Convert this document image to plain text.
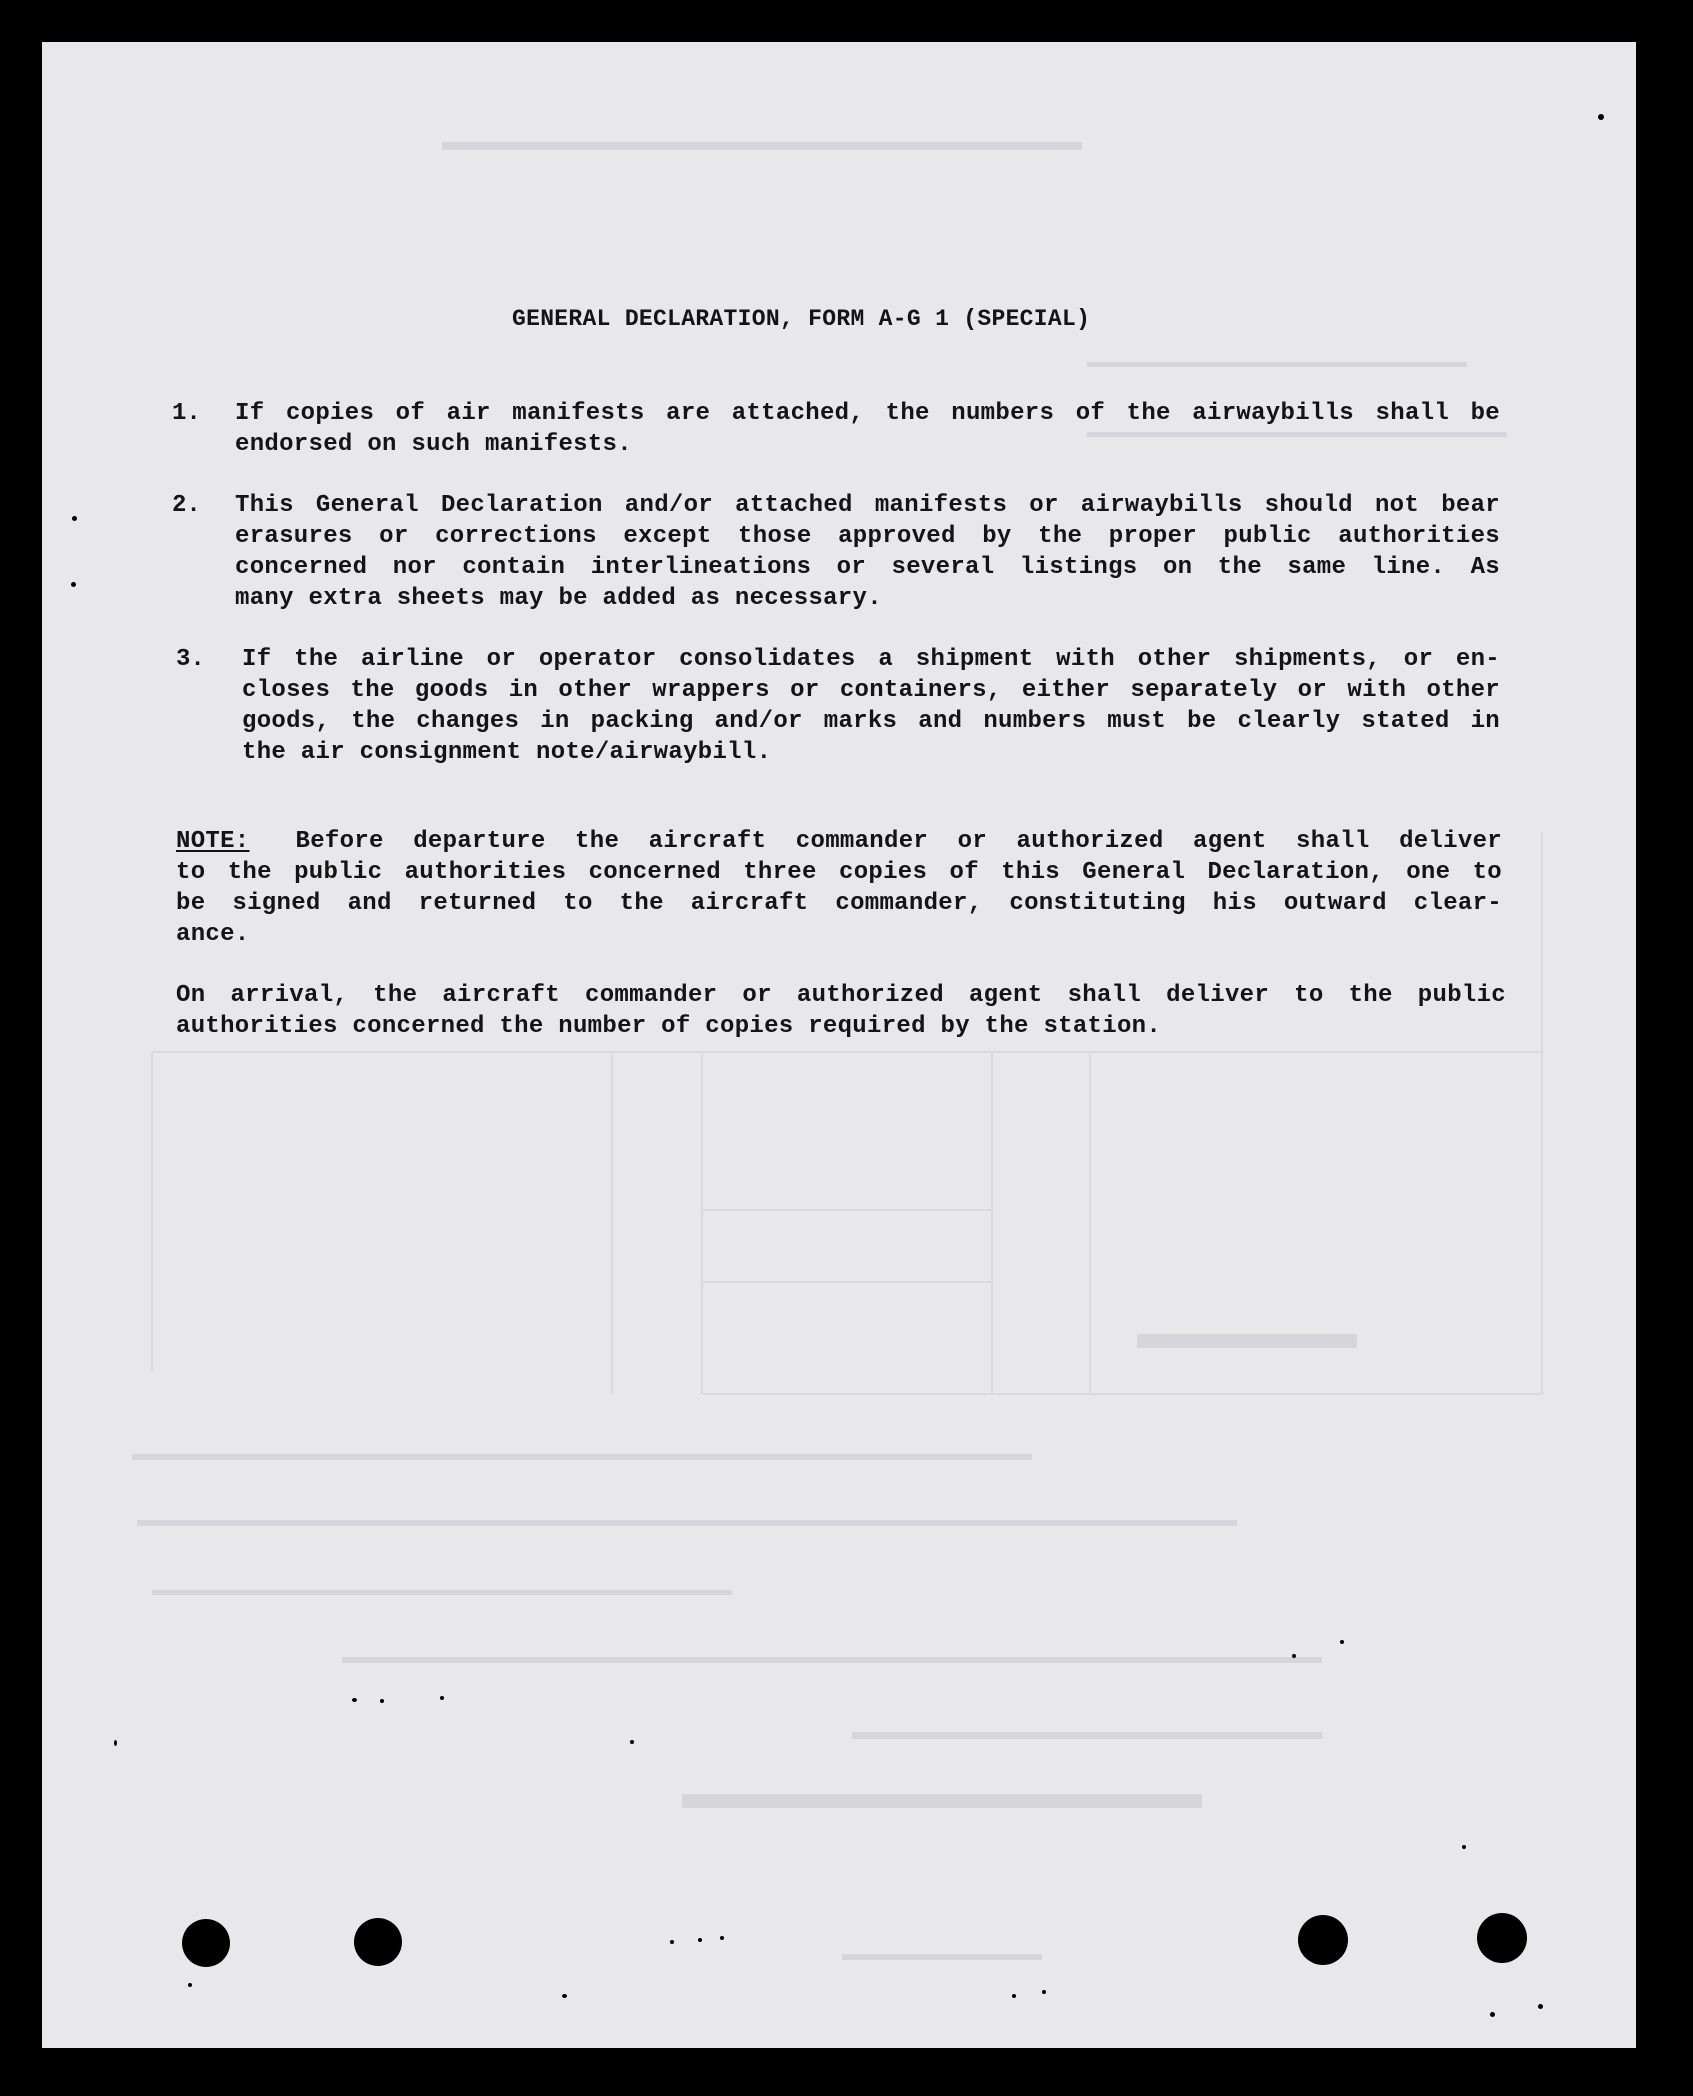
GENERAL DECLARATION, FORM A-G 1 (SPECIAL)
1. If copies of air manifests are attached, the numbers of the airwaybills shall be
endorsed on such manifests.
2. This General Declaration and/or attached manifests or airwaybills should not bear
erasures or corrections except those approved by the proper public authorities
concerned nor contain interlineations or several listings on the same line. As
many extra sheets may be added as necessary.
3. If the airline or operator consolidates a shipment with other shipments, or en-
closes the goods in other wrappers or containers, either separately or with other
goods, the changes in packing and/or marks and numbers must be clearly stated in
the air consignment note/airwaybill.
NOTE: Before departure the aircraft commander or authorized agent shall deliver
to the public authorities concerned three copies of this General Declaration, one to
be signed and returned to the aircraft commander, constituting his outward clear-
ance.
On arrival, the aircraft commander or authorized agent shall deliver to the public
authorities concerned the number of copies required by the station.
